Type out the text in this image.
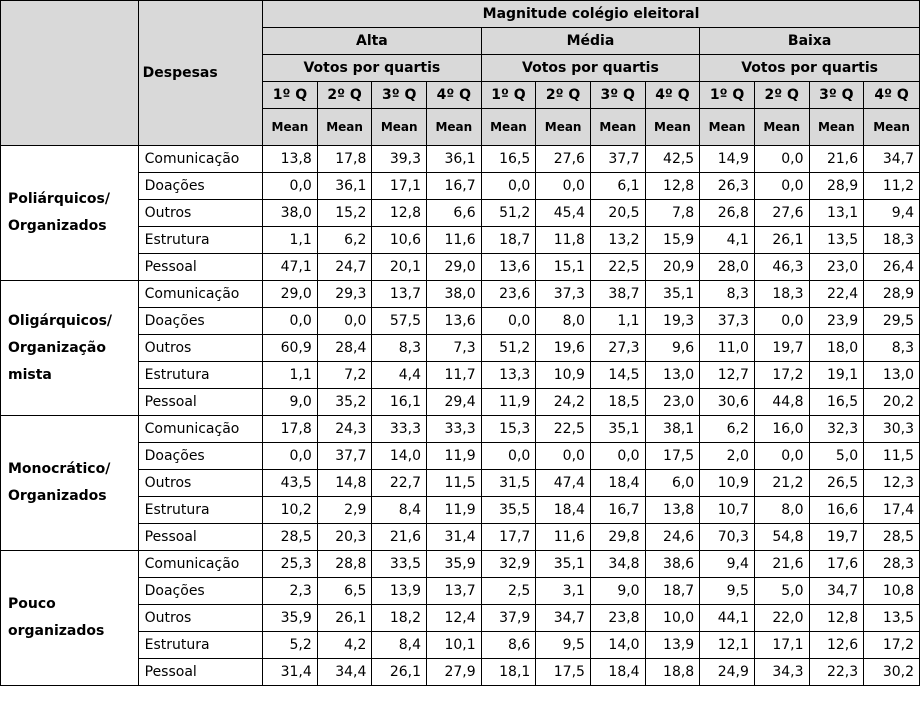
	Despesas	Magnitude colégio eleitoral											
		Alta				Média				Baixa			
		Votos por quartis				Votos por quartis				Votos por quartis			
		1º Q	2º Q	3º Q	4º Q	1º Q	2º Q	3º Q	4º Q	1º Q	2º Q	3º Q	4º Q
		Mean	Mean	Mean	Mean	Mean	Mean	Mean	Mean	Mean	Mean	Mean	Mean
Poliárquicos/ Organizados	Comunicação	13,8	17,8	39,3	36,1	16,5	27,6	37,7	42,5	14,9	0,0	21,6	34,7
	Doações	0,0	36,1	17,1	16,7	0,0	0,0	6,1	12,8	26,3	0,0	28,9	11,2
	Outros	38,0	15,2	12,8	6,6	51,2	45,4	20,5	7,8	26,8	27,6	13,1	9,4
	Estrutura	1,1	6,2	10,6	11,6	18,7	11,8	13,2	15,9	4,1	26,1	13,5	18,3
	Pessoal	47,1	24,7	20,1	29,0	13,6	15,1	22,5	20,9	28,0	46,3	23,0	26,4
Oligárquicos/ Organização mista	Comunicação	29,0	29,3	13,7	38,0	23,6	37,3	38,7	35,1	8,3	18,3	22,4	28,9
	Doações	0,0	0,0	57,5	13,6	0,0	8,0	1,1	19,3	37,3	0,0	23,9	29,5
	Outros	60,9	28,4	8,3	7,3	51,2	19,6	27,3	9,6	11,0	19,7	18,0	8,3
	Estrutura	1,1	7,2	4,4	11,7	13,3	10,9	14,5	13,0	12,7	17,2	19,1	13,0
	Pessoal	9,0	35,2	16,1	29,4	11,9	24,2	18,5	23,0	30,6	44,8	16,5	20,2
Monocrático/ Organizados	Comunicação	17,8	24,3	33,3	33,3	15,3	22,5	35,1	38,1	6,2	16,0	32,3	30,3
	Doações	0,0	37,7	14,0	11,9	0,0	0,0	0,0	17,5	2,0	0,0	5,0	11,5
	Outros	43,5	14,8	22,7	11,5	31,5	47,4	18,4	6,0	10,9	21,2	26,5	12,3
	Estrutura	10,2	2,9	8,4	11,9	35,5	18,4	16,7	13,8	10,7	8,0	16,6	17,4
	Pessoal	28,5	20,3	21,6	31,4	17,7	11,6	29,8	24,6	70,3	54,8	19,7	28,5
Pouco organizados	Comunicação	25,3	28,8	33,5	35,9	32,9	35,1	34,8	38,6	9,4	21,6	17,6	28,3
	Doações	2,3	6,5	13,9	13,7	2,5	3,1	9,0	18,7	9,5	5,0	34,7	10,8
	Outros	35,9	26,1	18,2	12,4	37,9	34,7	23,8	10,0	44,1	22,0	12,8	13,5
	Estrutura	5,2	4,2	8,4	10,1	8,6	9,5	14,0	13,9	12,1	17,1	12,6	17,2
	Pessoal	31,4	34,4	26,1	27,9	18,1	17,5	18,4	18,8	24,9	34,3	22,3	30,2
